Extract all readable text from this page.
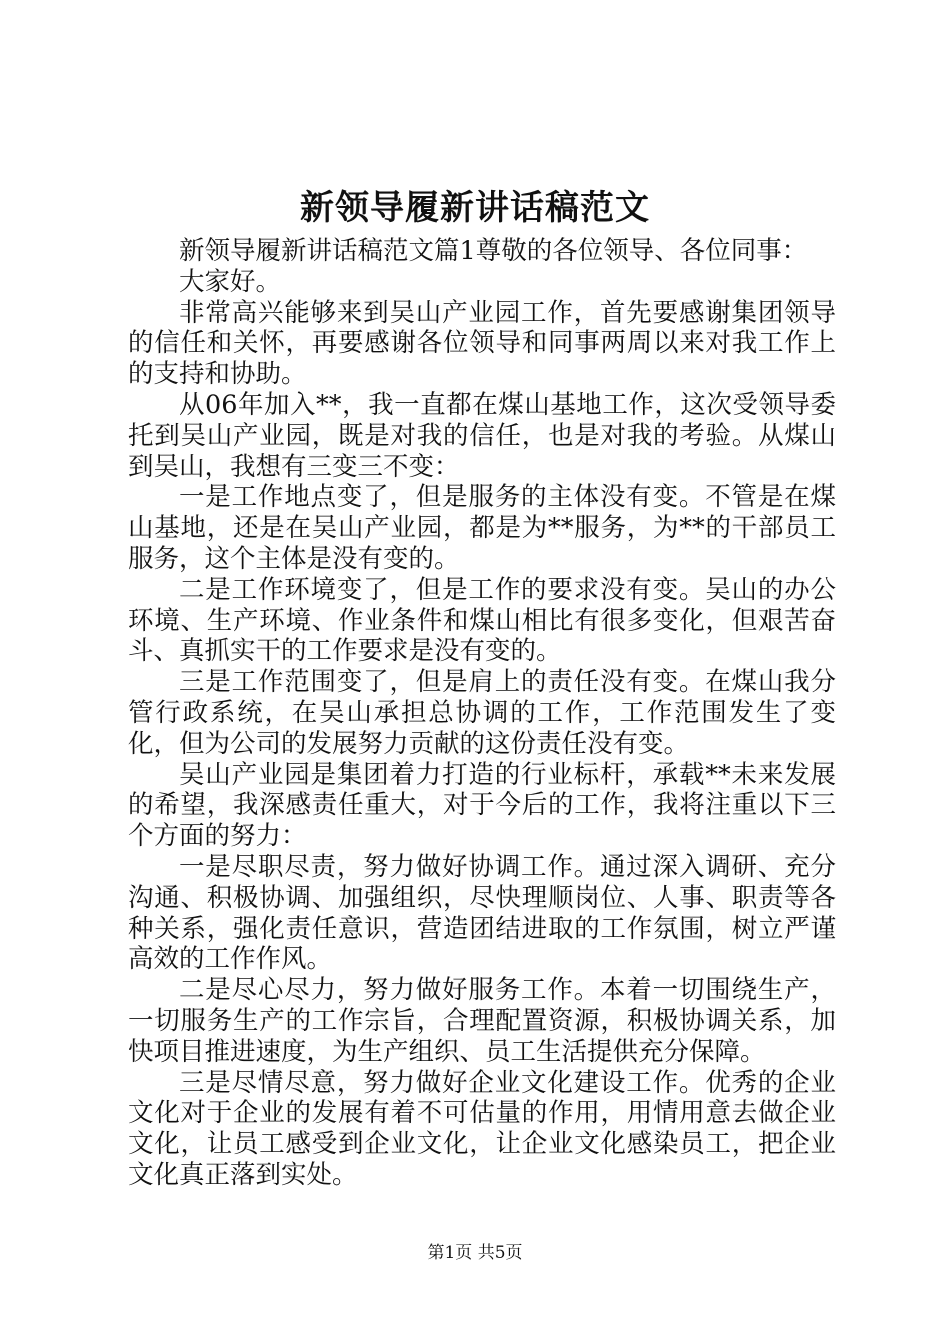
新领导履新讲话稿范文

新领导履新讲话稿范文篇1尊敬的各位领导、各位同事：

大家好。

非常高兴能够来到吴山产业园工作，首先要感谢集团领导的信任和关怀，再要感谢各位领导和同事两周以来对我工作上的支持和协助。

从06年加入**，我一直都在煤山基地工作，这次受领导委托到吴山产业园，既是对我的信任，也是对我的考验。从煤山到吴山，我想有三变三不变：

一是工作地点变了，但是服务的主体没有变。不管是在煤山基地，还是在吴山产业园，都是为**服务，为**的干部员工服务，这个主体是没有变的。

二是工作环境变了，但是工作的要求没有变。吴山的办公环境、生产环境、作业条件和煤山相比有很多变化，但艰苦奋斗、真抓实干的工作要求是没有变的。

三是工作范围变了，但是肩上的责任没有变。在煤山我分管行政系统，在吴山承担总协调的工作，工作范围发生了变化，但为公司的发展努力贡献的这份责任没有变。

吴山产业园是集团着力打造的行业标杆，承载**未来发展的希望，我深感责任重大，对于今后的工作，我将注重以下三个方面的努力：

一是尽职尽责，努力做好协调工作。通过深入调研、充分沟通、积极协调、加强组织，尽快理顺岗位、人事、职责等各种关系，强化责任意识，营造团结进取的工作氛围，树立严谨高效的工作作风。

二是尽心尽力，努力做好服务工作。本着一切围绕生产，一切服务生产的工作宗旨，合理配置资源，积极协调关系，加快项目推进速度，为生产组织、员工生活提供充分保障。

三是尽情尽意，努力做好企业文化建设工作。优秀的企业文化对于企业的发展有着不可估量的作用，用情用意去做企业文化，让员工感受到企业文化，让企业文化感染员工，把企业文化真正落到实处。

第1页 共5页
